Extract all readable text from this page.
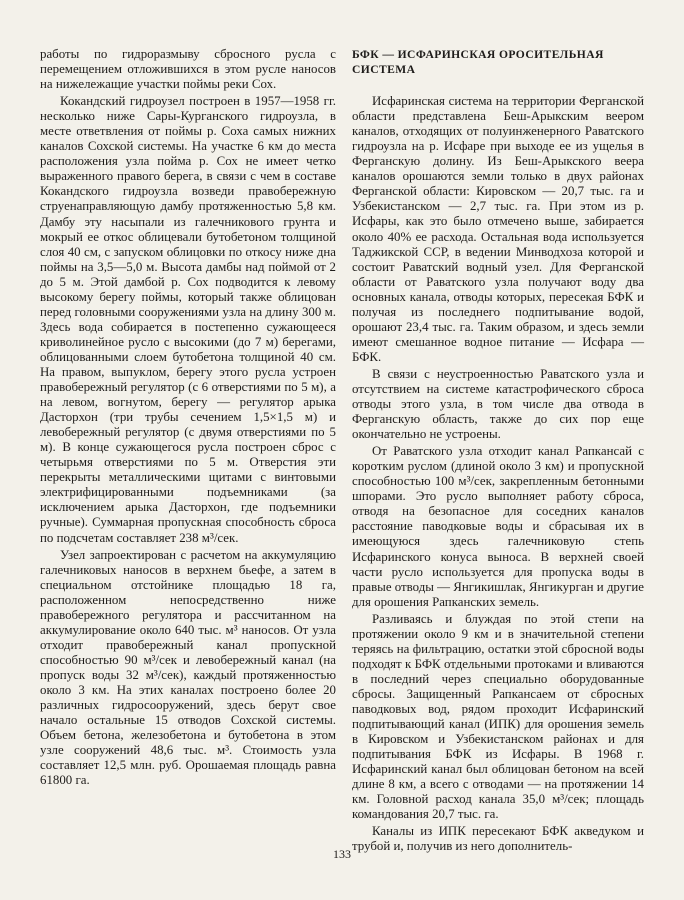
работы по гидроразмыву сбросного русла с перемещением отложившихся в этом русле наносов на нижележащие участки поймы реки Сох.

Кокандский гидроузел построен в 1957—1958 гг. несколько ниже Сары-Курганского гидроузла, в месте ответвления от поймы р. Соха самых нижних каналов Сохской системы. На участке 6 км до места расположения узла пойма р. Сох не имеет четко выраженного правого берега, в связи с чем в составе Кокандского гидроузла возведи правобережную струенаправляющую дамбу протяженностью 5,8 км. Дамбу эту насыпали из галечникового грунта и мокрый ее откос облицевали бутобетоном толщиной слоя 40 см, с запуском облицовки по откосу ниже дна поймы на 3,5—5,0 м. Высота дамбы над поймой от 2 до 5 м. Этой дамбой р. Сох подводится к левому высокому берегу поймы, который также облицован перед головными сооружениями узла на длину 300 м. Здесь вода собирается в постепенно сужающееся криволинейное русло с высокими (до 7 м) берегами, облицованными слоем бутобетона толщиной 40 см. На правом, выпуклом, берегу этого русла устроен правобережный регулятор (с 6 отверстиями по 5 м), а на левом, вогнутом, берегу — регулятор арыка Дасторхон (три трубы сечением 1,5×1,5 м) и левобережный регулятор (с двумя отверстиями по 5 м). В конце сужающегося русла построен сброс с четырьмя отверстиями по 5 м. Отверстия эти перекрыты металлическими щитами с винтовыми электрифицированными подъемниками (за исключением арыка Дасторхон, где подъемники ручные). Суммарная пропускная способность сброса по подсчетам составляет 238 м³/сек.

Узел запроектирован с расчетом на аккумуляцию галечниковых наносов в верхнем бьефе, а затем в специальном отстойнике площадью 18 га, расположенном непосредственно ниже правобережного регулятора и рассчитанном на аккумулирование около 640 тыс. м³ наносов. От узла отходит правобережный канал пропускной способностью 90 м³/сек и левобережный канал (на пропуск воды 32 м³/сек), каждый протяженностью около 3 км. На этих каналах построено более 20 различных гидросооружений, здесь берут свое начало остальные 15 отводов Сохской системы. Объем бетона, железобетона и бутобетона в этом узле сооружений 48,6 тыс. м³. Стоимость узла составляет 12,5 млн. руб. Орошаемая площадь равна 61800 га.

БФК — ИСФАРИНСКАЯ ОРОСИТЕЛЬНАЯ СИСТЕМА

Исфаринская система на территории Ферганской области представлена Беш-Арыкским веером каналов, отходящих от полуинженерного Раватского гидроузла на р. Исфаре при выходе ее из ущелья в Ферганскую долину. Из Беш-Арыкского веера каналов орошаются земли только в двух районах Ферганской области: Кировском — 20,7 тыс. га и Узбекистанском — 2,7 тыс. га. При этом из р. Исфары, как это было отмечено выше, забирается около 40% ее расхода. Остальная вода используется Таджикской ССР, в ведении Минводхоза которой и состоит Раватский водный узел. Для Ферганской области от Раватского узла получают воду два основных канала, отводы которых, пересекая БФК и получая из последнего подпитывание водой, орошают 23,4 тыс. га. Таким образом, и здесь земли имеют смешанное водное питание — Исфара — БФК.

В связи с неустроенностью Раватского узла и отсутствием на системе катастрофического сброса отводы этого узла, в том числе два отвода в Ферганскую область, также до сих пор еще окончательно не устроены.

От Раватского узла отходит канал Рапкансай с коротким руслом (длиной около 3 км) и пропускной способностью 100 м³/сек, закрепленным бетонными шпорами. Это русло выполняет работу сброса, отводя на безопасное для соседних каналов расстояние паводковые воды и сбрасывая их в имеющуюся здесь галечниковую степь Исфаринского конуса выноса. В верхней своей части русло используется для пропуска воды в правые отводы — Янгикишлак, Янгикурган и другие для орошения Рапканских земель.

Разливаясь и блуждая по этой степи на протяжении около 9 км и в значительной степени теряясь на фильтрацию, остатки этой сбросной воды подходят к БФК отдельными протоками и вливаются в последний через специально оборудованные сбросы. Защищенный Рапкансаем от сбросных паводковых вод, рядом проходит Исфаринский подпитывающий канал (ИПК) для орошения земель в Кировском и Узбекистанском районах и для подпитывания БФК из Исфары. В 1968 г. Исфаринский канал был облицован бетоном на всей длине 8 км, а всего с отводами — на протяжении 14 км. Головной расход канала 35,0 м³/сек; площадь командования 20,7 тыс. га.

Каналы из ИПК пересекают БФК акведуком и трубой и, получив из него дополнитель-

133
